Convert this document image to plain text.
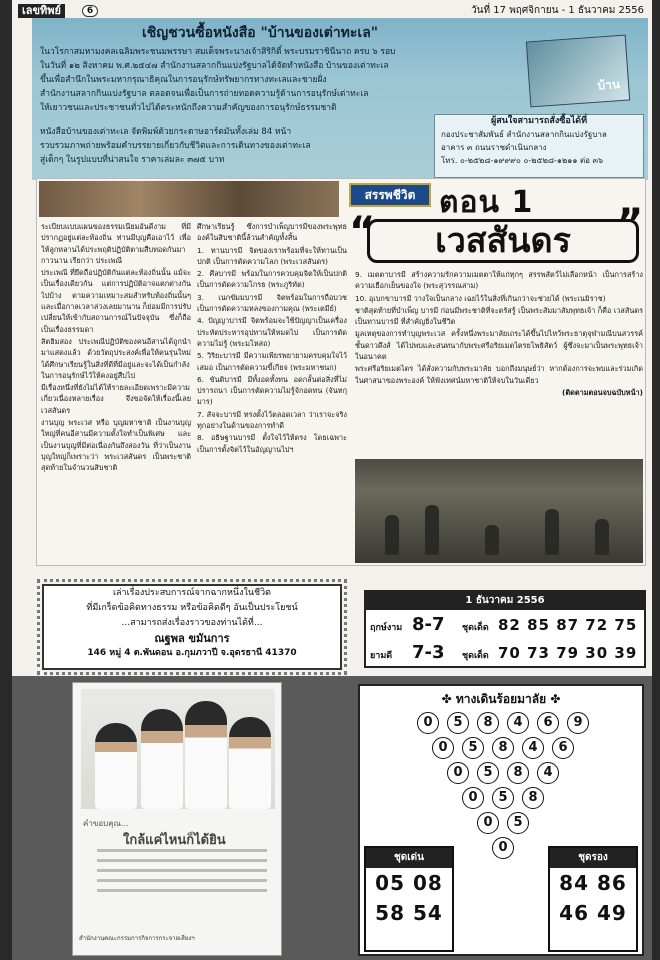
เลขทิพย์	6	วันที่ 17 พฤศจิกายน - 1 ธันวาคม 2556
เชิญชวนซื้อหนังสือ "บ้านของเต่าทะเล"
ในวโรกาสมหามงคลเฉลิมพระชนมพรรษา สมเด็จพระนางเจ้าสิริกิติ์ พระบรมราชินีนาถ ครบ ๖ รอบ
ในวันที่ ๑๒ สิงหาคม พ.ศ.๒๕๔๗ สำนักงานสลากกินแบ่งรัฐบาลได้จัดทำหนังสือ บ้านของเต่าทะเล
ขึ้นเพื่อสำนึกในพระมหากรุณาธิคุณในการอนุรักษ์ทรัพยากรทางทะเลและชายฝั่ง
สำนักงานสลากกินแบ่งรัฐบาล ตลอดจนเพื่อเป็นการถ่ายทอดความรู้ด้านการอนุรักษ์เต่าทะเล
ให้เยาวชนและประชาชนทั่วไปได้ตระหนักถึงความสำคัญของการอนุรักษ์ธรรมชาติ
หนังสือบ้านของเต่าทะเล จัดพิมพ์ด้วยกระดาษอาร์ตมันทั้งเล่ม 84 หน้า
รวบรวมภาพถ่ายพร้อมคำบรรยายเกี่ยวกับชีวิตและการเดินทางของเต่าทะเล
สู่เด็กๆ ในรูปแบบที่น่าสนใจ ราคาเล่มละ ๓๗๕ บาท
บ้าน
ผู้สนใจสามารถสั่งซื้อได้ที่
กองประชาสัมพันธ์ สำนักงานสลากกินแบ่งรัฐบาล
อาคาร ๓ ถนนราชดำเนินกลาง
โทร. ๐-๒๕๒๘-๑๙๙๙๐ ๐-๒๕๒๘-๑๒๑๑ ต่อ ๓๖
สรรพชีวิต ตอน 1
“	เวสสันดร	”

ระเบียบแบบแผนของธรรมเนียมอันดีงาม ที่มีปรากฏอยู่แต่ละท้องถิ่น ท่านมีบุญคือเอาไว้ เพื่อให้ลูกหลานได้ประพฤติปฏิบัติตามสืบทอดกันมากาวนาน เรียกว่า ประเพณี

ประเพณี ที่ยึดถือปฏิบัติกันแต่ละท้องถิ่นนั้น แม้จะเป็นเรื่องเดียวกัน แต่การปฏิบัติอาจแตกต่างกันไปบ้าง ตามความเหมาะสมสำหรับท้องถิ่นนั้นๆ และเมื่อกาลเวลาล่วงเลยมานาน ก็ย่อมมีการปรับเปลี่ยนให้เข้ากับสถานการณ์ในปัจจุบัน ซึ่งก็ถือเป็นเรื่องธรรมดา

สิตฮิมสอง ประเพณีปฏิบัติของคนอีสานได้ถูกนำมาแสดงแล้ว ด้วยวัตถุประสงค์เพื่อให้คนรุ่นใหม่ได้ศึกษาเรียนรู้ในสิ่งที่ดีที่มีอยู่และจะได้เป็นกำลังในการอนุรักษ์ไว้ให้คงอยู่สืบไป

มีเรื่องหนึ่งที่ยังไม่ได้ให้รายละเอียดเพราะมีความเกี่ยวเนื่องหลายเรื่อง จึงขอจัดให้เรื่องนี้เลย เวสสันดร

งานบุญ พระเวส หรือ บุญมหาชาติ เป็นงานบุญใหญ่ที่คนอีสานมีความตั้งใจทำเป็นพิเศษ และเป็นงานบุญที่มีต่อเนื่องกันถึงสองวัน ที่ว่าเป็นงานบุญใหญ่ก็เพราะว่า พระเวสสันดร เป็นพระชาติสุดท้ายในจำนวนสิบชาติ

ศึกษาเรียนรู้ ซึ่งการบำเพ็ญบารมีของพระพุทธองค์ในสิบชาตินี้ล้วนสำคัญทั้งสิ้น

1. ทานบารมี จิตของเราพร้อมที่จะให้ทานเป็นปกติ เป็นการตัดความโลภ (พระเวสสันดร)

2. ศีลบารมี พร้อมในการควบคุมจิตให้เป็นปกติ เป็นการตัดความโกรธ (พระภูริทัต)

3. เนกขัมมบารมี จิตพร้อมในการถือบวช เป็นการตัดความหลงของกามคุณ (พระเตมีย์)

4. ปัญญาบารมี จิตพร้อมจะใช้ปัญญาเป็นเครื่องประหัตประหารอุปทานให้หมดไป เป็นการตัดความไม่รู้ (พระมโหสถ)

5. วิริยะบารมี มีความเพียรพยายามครบคุมใจไว้เสมอ เป็นการตัดความขี้เกียจ (พระมหาชนก)

6. ขันติบารมี มีทั้งอดทั้งทน อดกลั้นต่อสิ่งที่ไม่ปรารถนา เป็นการตัดความไม่รู้จักอดทน (จันทกุมาร)

7. สัจจะบารมี ทรงตั้งไว้ตลอดเวลา ว่าเราจะจริงทุกอย่างในด้านของการทำดี

8. อธิษฐานบารมี ตั้งใจไว้ให้ตรง โดยเฉพาะเป็นการตั้งจิตไว้ในอัญญานไปฯ

9. เมตตาบารมี สร้างความรักความเมตตาให้แก่ทุกๆ สรรพสัตว์ไม่เลือกหน้า เป็นการสร้างความเยือกเย็นของใจ (พระสุวรรณสาม)

10. อุเบกขาบารมี วางใจเป็นกลาง เฉยไว้ในสิ่งที่เกินกว่าจะช่วยได้ (พระเนมิราช)

ชาติสุดท้ายที่บำเพ็ญ บารมี ก่อนมีพระชาติที่จะตรัสรู้ เป็นพระสัมมาสัมพุทธเจ้า ก็คือ เวสสันดร เป็นทานบารมี ที่สำคัญยิ่งในชีวิต

มูลเหตุของการทำบุญพระเวส ครั้งหนึ่งพระมาลัยเถระได้ขึ้นไปไหว้พระธาตุจุฬามณีบนสวรรค์ชั้นดาวดึงส์ ได้ไปพบและสนทนากับพระศรีอริยเมตไตรยโพธิสัตว์ ผู้ซึ่งจะมาเป็นพระพุทธเจ้าในอนาคต

พระศรีอริยเมตไตร ได้สั่งความกับพระมาลัย บอกถึงมนุษย์ว่า หากต้องการจะพบและร่วมเกิดในศาสนาของพระองค์ ให้ฟังเทศน์มหาชาติให้จบในวันเดียว

(ติดตามตอนจบฉบับหน้า)

เล่าเรื่องประสบการณ์จากฉากหนึ่งในชีวิต
ที่มีเกร็ดข้อคิดทางธรรม หรือข้อคิดดีๆ อันเป็นประโยชน์
...สามารถส่งเรื่องราวของท่านได้ที่...
ณฐพล ขมันการ
146 หมู่ 4 ต.พันดอน อ.กุมภวาปี จ.อุดรธานี 41370
1 ธันวาคม 2556
ฤกษ์งาม 8-7 ชุดเด็ด 82 85 87 72 75
ยามดี 7-3 ชุดเด็ด 70 73 79 30 39
คำขอบคุณ...
ใกล้แค่ไหนก็ได้ยิน
สำนักงานคณะกรรมการกิจการกระจายเสียงฯ
✤ ทางเดินร้อยมาลัย ✤
0	5	8	4	6	9
0	5	8	4	6
0	5	8	4
0	5	8
0	5
0
ชุดเด่น
05 08
58 54
ชุดรอง
84 86
46 49
